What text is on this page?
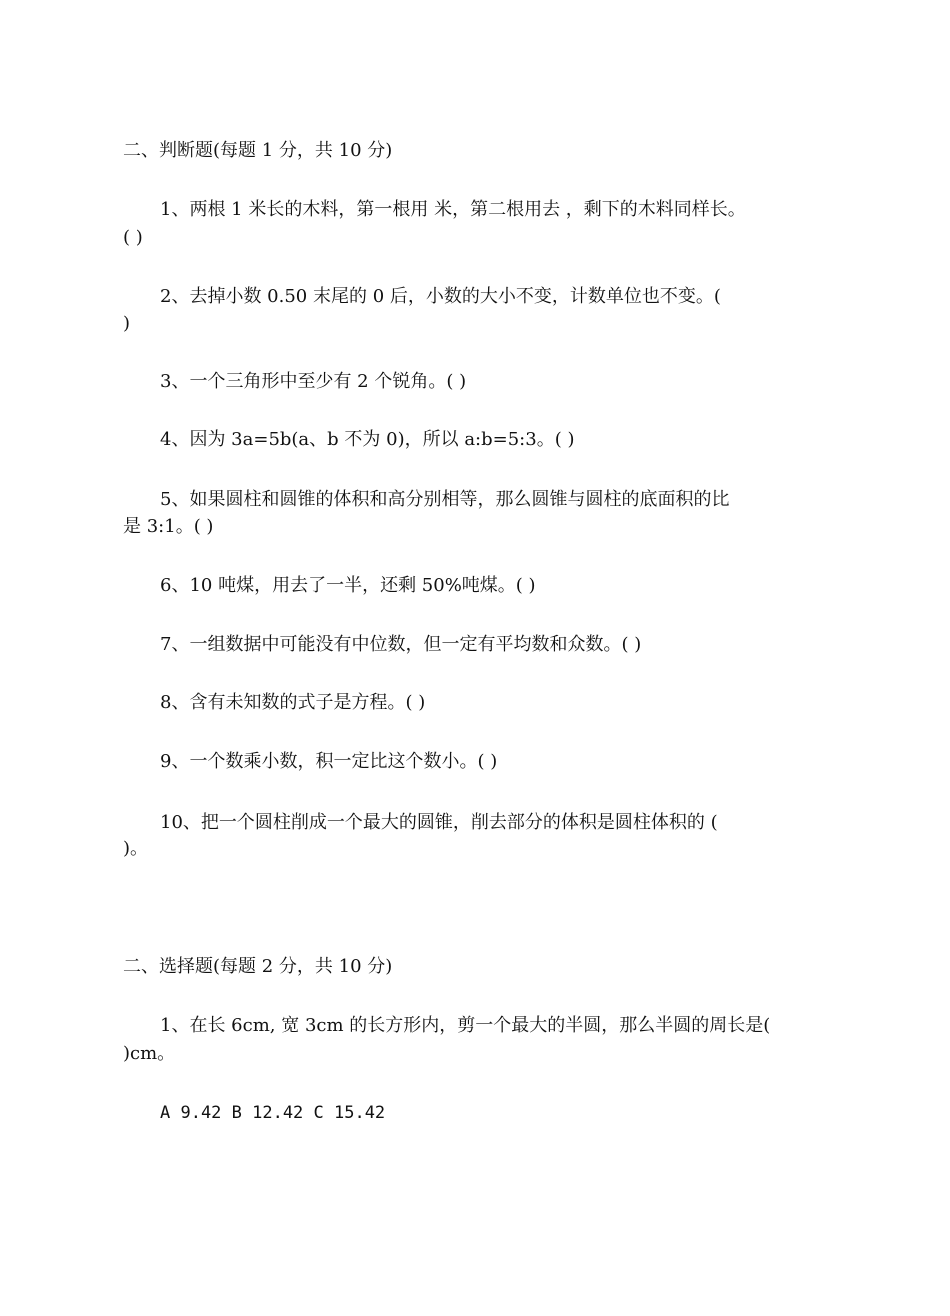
二、判断题(每题 1 分，共 10 分)

1、两根 1 米长的木料，第一根用 米，第二根用去 ，剩下的木料同样长。

( )

2、去掉小数 0.50 末尾的 0 后，小数的大小不变，计数单位也不变。(

)

3、一个三角形中至少有 2 个锐角。( )

4、因为 3a=5b(a、b 不为 0)，所以 a:b=5:3。( )

5、如果圆柱和圆锥的体积和高分别相等，那么圆锥与圆柱的底面积的比

是 3:1。( )

6、10 吨煤，用去了一半，还剩 50%吨煤。( )

7、一组数据中可能没有中位数，但一定有平均数和众数。( )

8、含有未知数的式子是方程。( )

9、一个数乘小数，积一定比这个数小。( )

10、把一个圆柱削成一个最大的圆锥，削去部分的体积是圆柱体积的 (

)。

二、选择题(每题 2 分，共 10 分)

1、在长 6cm, 宽 3cm 的长方形内，剪一个最大的半圆，那么半圆的周长是(

)cm。

A 9.42 B 12.42 C 15.42
